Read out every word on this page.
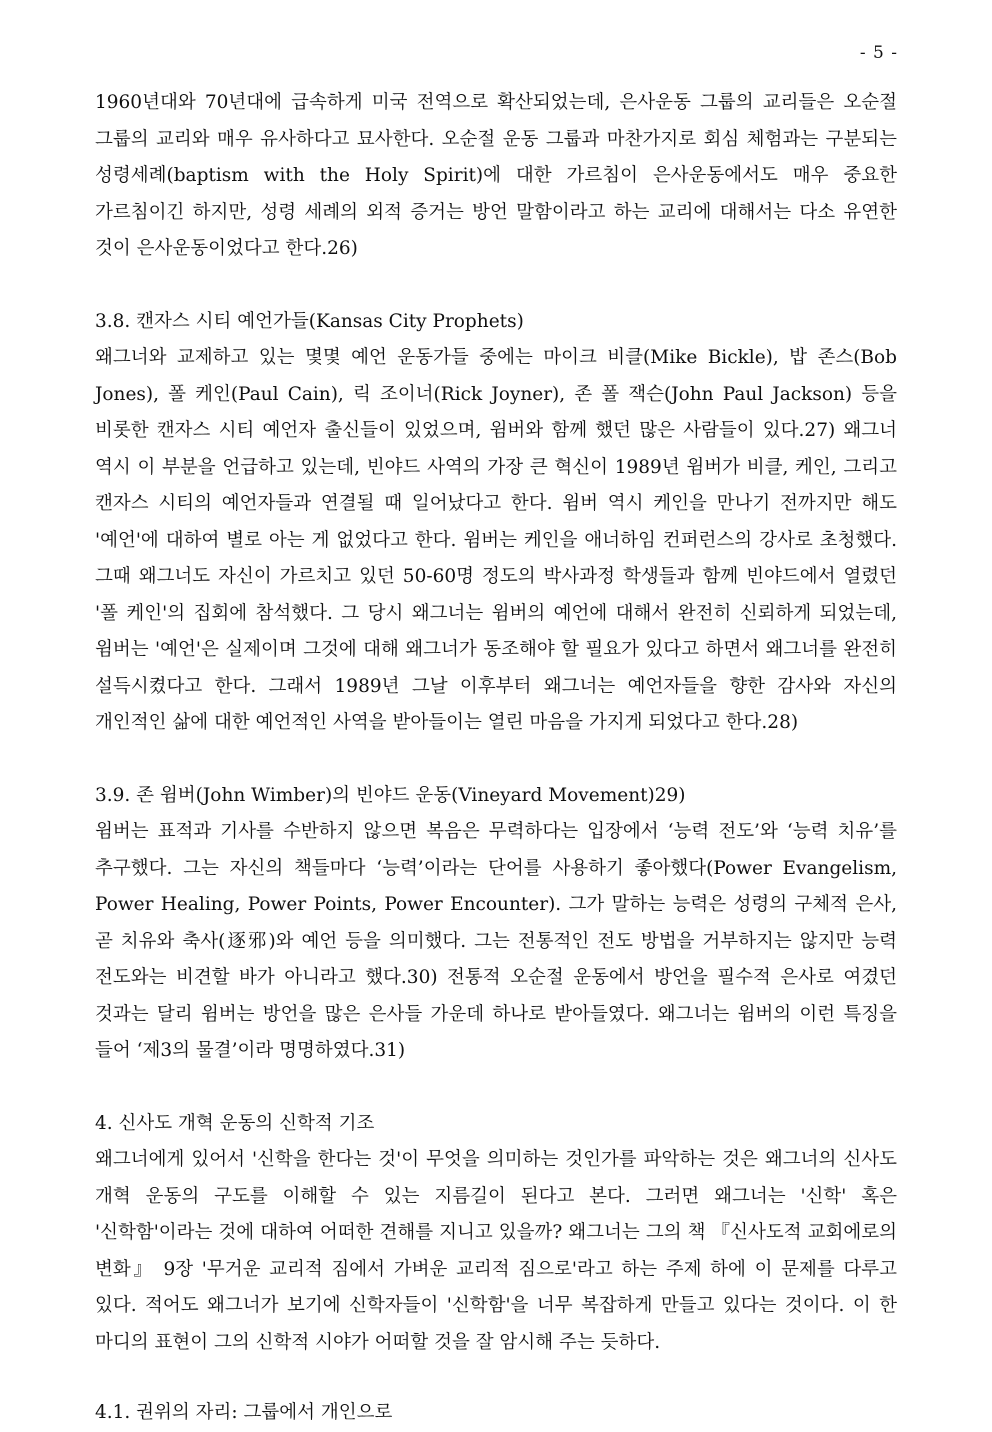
- 5 -

1960년대와 70년대에 급속하게 미국 전역으로 확산되었는데, 은사운동 그룹의 교리들은 오순절 그룹의 교리와 매우 유사하다고 묘사한다. 오순절 운동 그룹과 마찬가지로 회심 체험과는 구분되는 성령세례(baptism with the Holy Spirit)에 대한 가르침이 은사운동에서도 매우 중요한 가르침이긴 하지만, 성령 세례의 외적 증거는 방언 말함이라고 하는 교리에 대해서는 다소 유연한 것이 은사운동이었다고 한다.26)

3.8. 캔자스 시티 예언가들(Kansas City Prophets)

왜그너와 교제하고 있는 몇몇 예언 운동가들 중에는 마이크 비클(Mike Bickle), 밥 존스(Bob Jones), 폴 케인(Paul Cain), 릭 조이너(Rick Joyner), 존 폴 잭슨(John Paul Jackson) 등을 비롯한 캔자스 시티 예언자 출신들이 있었으며, 윔버와 함께 했던 많은 사람들이 있다.27) 왜그너 역시 이 부분을 언급하고 있는데, 빈야드 사역의 가장 큰 혁신이 1989년 윔버가 비클, 케인, 그리고 캔자스 시티의 예언자들과 연결될 때 일어났다고 한다. 윔버 역시 케인을 만나기 전까지만 해도 '예언'에 대하여 별로 아는 게 없었다고 한다. 윔버는 케인을 애너하임 컨퍼런스의 강사로 초청했다. 그때 왜그너도 자신이 가르치고 있던 50-60명 정도의 박사과정 학생들과 함께 빈야드에서 열렸던 '폴 케인'의 집회에 참석했다. 그 당시 왜그너는 윔버의 예언에 대해서 완전히 신뢰하게 되었는데, 윔버는 '예언'은 실제이며 그것에 대해 왜그너가 동조해야 할 필요가 있다고 하면서 왜그너를 완전히 설득시켰다고 한다. 그래서 1989년 그날 이후부터 왜그너는 예언자들을 향한 감사와 자신의 개인적인 삶에 대한 예언적인 사역을 받아들이는 열린 마음을 가지게 되었다고 한다.28)

3.9. 존 윔버(John Wimber)의 빈야드 운동(Vineyard Movement)29)

윔버는 표적과 기사를 수반하지 않으면 복음은 무력하다는 입장에서 ‘능력 전도’와 ‘능력 치유’를 추구했다. 그는 자신의 책들마다 ‘능력’이라는 단어를 사용하기 좋아했다(Power Evangelism, Power Healing, Power Points, Power Encounter). 그가 말하는 능력은 성령의 구체적 은사, 곧 치유와 축사(逐邪)와 예언 등을 의미했다. 그는 전통적인 전도 방법을 거부하지는 않지만 능력 전도와는 비견할 바가 아니라고 했다.30) 전통적 오순절 운동에서 방언을 필수적 은사로 여겼던 것과는 달리 윔버는 방언을 많은 은사들 가운데 하나로 받아들였다. 왜그너는 윔버의 이런 특징을 들어 ‘제3의 물결’이라 명명하였다.31)

4. 신사도 개혁 운동의 신학적 기조

왜그너에게 있어서 '신학을 한다는 것'이 무엇을 의미하는 것인가를 파악하는 것은 왜그너의 신사도 개혁 운동의 구도를 이해할 수 있는 지름길이 된다고 본다. 그러면 왜그너는 '신학' 혹은 '신학함'이라는 것에 대하여 어떠한 견해를 지니고 있을까? 왜그너는 그의 책 『신사도적 교회에로의 변화』 9장 '무거운 교리적 짐에서 가벼운 교리적 짐으로'라고 하는 주제 하에 이 문제를 다루고 있다. 적어도 왜그너가 보기에 신학자들이 '신학함'을 너무 복잡하게 만들고 있다는 것이다. 이 한 마디의 표현이 그의 신학적 시야가 어떠할 것을 잘 암시해 주는 듯하다.

4.1. 권위의 자리: 그룹에서 개인으로
